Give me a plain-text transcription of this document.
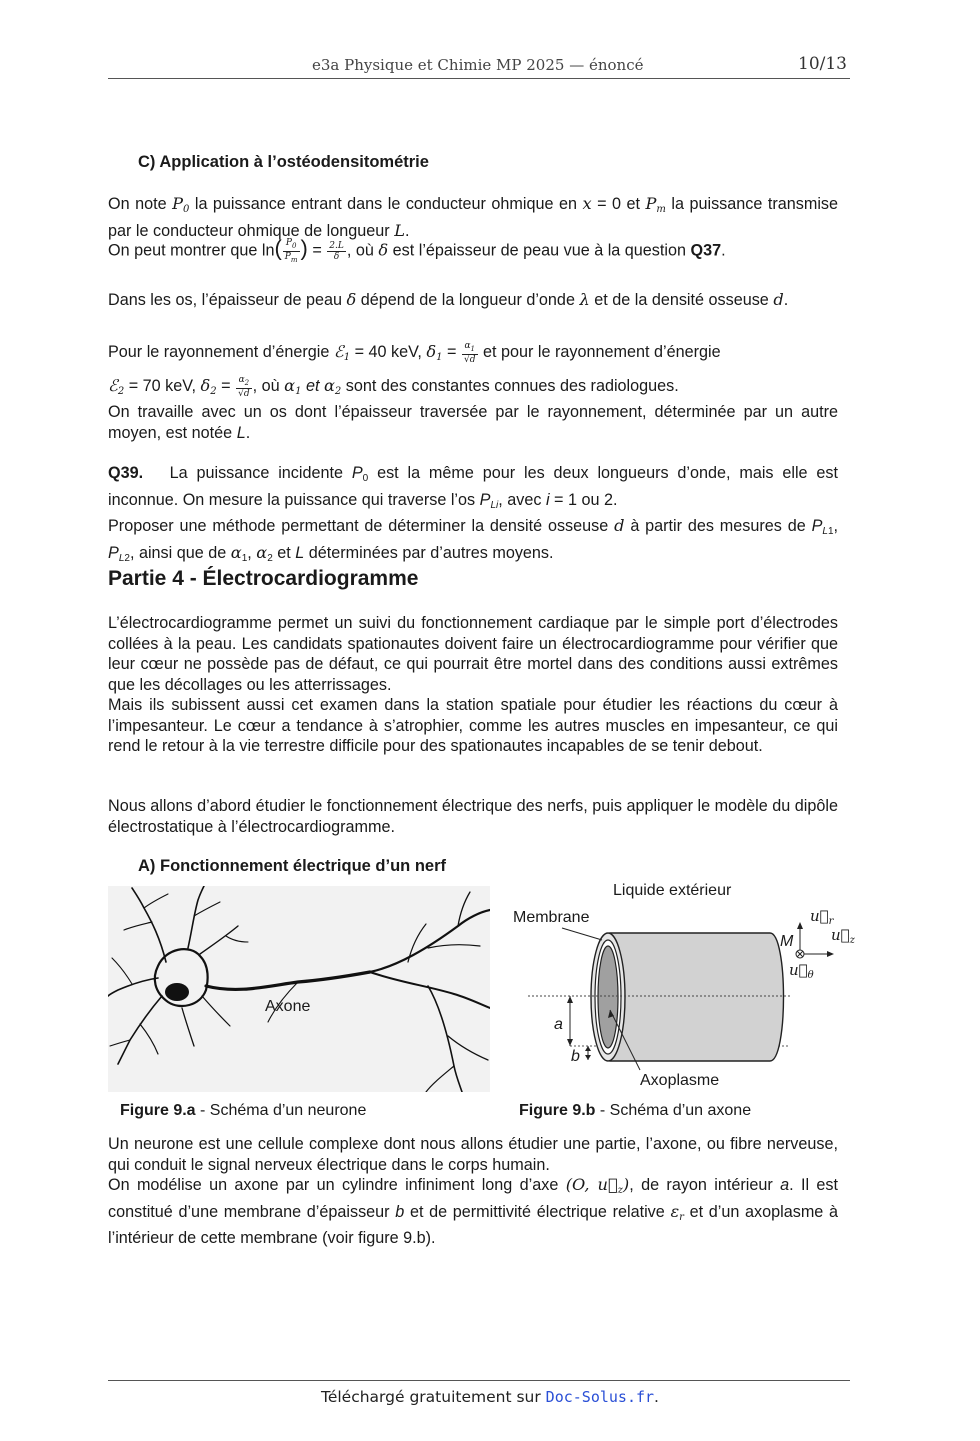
e3a Physique et Chimie MP 2025 — énoncé	10/13
C) Application à l’ostéodensitométrie
On note $P_0$ la puissance entrant dans le conducteur ohmique en x = 0 et $P_m$ la puissance transmise par le conducteur ohmique de longueur L.
On peut montrer que $\ln( \frac{P_0}{P_m}$ ) = $\frac{2.L}{\delta}$ , où δ est l’épaisseur de peau vue à la question Q37.
Dans les os, l’épaisseur de peau δ dépend de la longueur d’onde λ et de la densité osseuse d.
Pour le rayonnement d’énergie ℰ$_1$ = 40 keV, $\delta_1 = \frac{\alpha_1}{√d}$ et pour le rayonnement d’énergie
ℰ$_2$ = 70 keV, $\delta_2 = \frac{\alpha_2}{√d}$ , où $\alpha_1$ et $\alpha_2$ sont des constantes connues des radiologues.
On travaille avec un os dont l’épaisseur traversée par le rayonnement, déterminée par un autre moyen, est notée L.
Q39. La puissance incidente $P_0$ est la même pour les deux longueurs d’onde, mais elle est inconnue. On mesure la puissance qui traverse l’os $P_{Li}$, avec i = 1 ou 2.
Proposer une méthode permettant de déterminer la densité osseuse d à partir des mesures de $P_{L1}$, $P_{L2}$, ainsi que de $\alpha_1$, $\alpha_2$ et L déterminées par d’autres moyens.
Partie 4 - Électrocardiogramme
L’électrocardiogramme permet un suivi du fonctionnement cardiaque par le simple port d’électrodes collées à la peau. Les candidats spationautes doivent faire un électrocardiogramme pour vérifier que leur cœur ne possède pas de défaut, ce qui pourrait être mortel dans des conditions aussi extrêmes que les décollages ou les atterrissages.
Mais ils subissent aussi cet examen dans la station spatiale pour étudier les réactions du cœur à l’impesanteur. Le cœur a tendance à s’atrophier, comme les autres muscles en impesanteur, ce qui rend le retour à la vie terrestre difficile pour des spationautes incapables de se tenir debout.
Nous allons d’abord étudier le fonctionnement électrique des nerfs, puis appliquer le modèle du dipôle électrostatique à l’électrocardiogramme.
A) Fonctionnement électrique d’un nerf
Axone
Liquide extérieur
Membrane
Axoplasme
a
b
M
$u⃗_r$
$u⃗_z$
$u⃗_\theta$
Figure 9.a - Schéma d’un neurone	Figure 9.b - Schéma d’un axone
Un neurone est une cellule complexe dont nous allons étudier une partie, l’axone, ou fibre nerveuse, qui conduit le signal nerveux électrique dans le corps humain.
On modélise un axone par un cylindre infiniment long d’axe (O, $u⃗_z$), de rayon intérieur a. Il est constitué d’une membrane d’épaisseur b et de permittivité électrique relative $\varepsilon_r$ et d’un axoplasme à l’intérieur de cette membrane (voir figure 9.b).
Téléchargé gratuitement sur Doc-Solus.fr.
